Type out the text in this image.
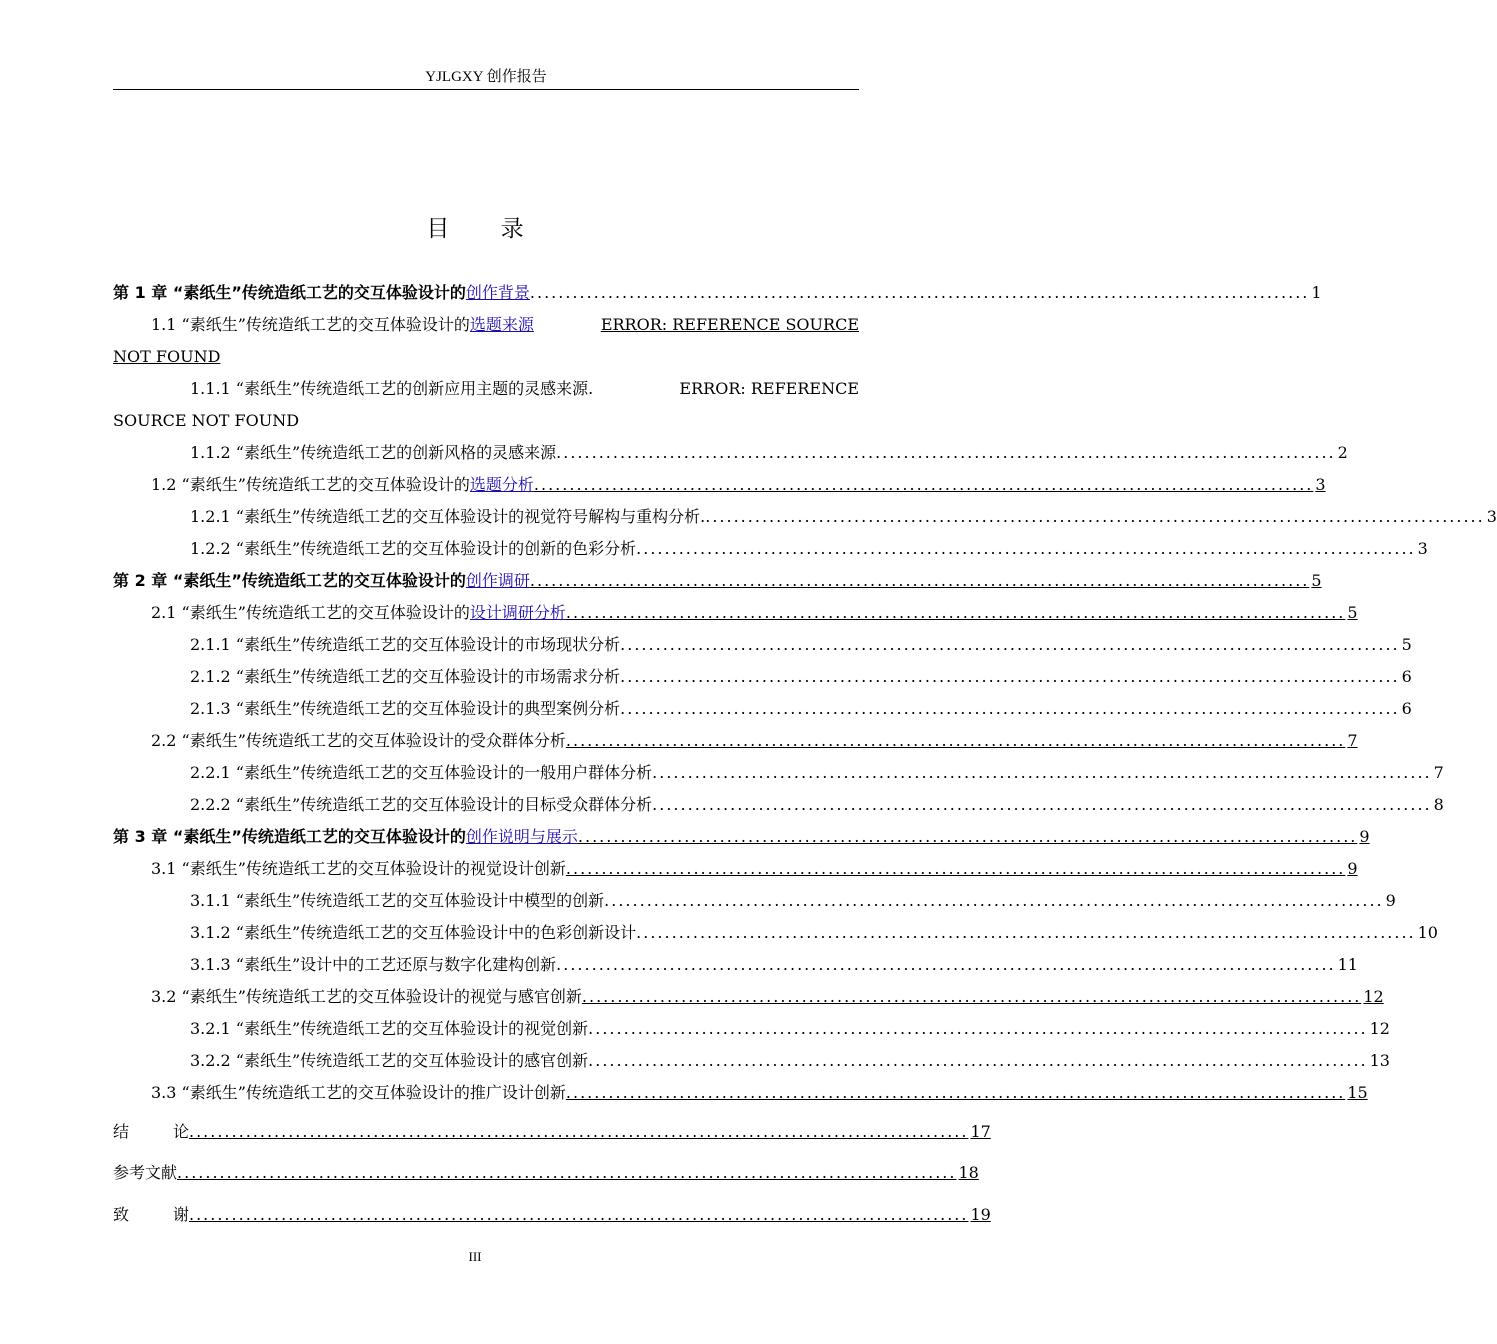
YJLGXY 创作报告
目 录
第 1 章 “素纸生”传统造纸工艺的交互体验设计的 创作背景 .............................................................................................................. 1
1.1 “素纸生”传统造纸工艺的交互体验设计的选题来源	ERROR: REFERENCE SOURCE
NOT FOUND
1.1.1 “素纸生”传统造纸工艺的创新应用主题的灵感来源.	ERROR: REFERENCE
SOURCE NOT FOUND
1.1.2 “素纸生”传统造纸工艺的创新风格的灵感来源 .............................................................................................................. 2
1.2 “素纸生”传统造纸工艺的交互体验设计的 选题分析 .............................................................................................................. 3
1.2.1 “素纸生”传统造纸工艺的交互体验设计的视觉符号解构与重构分析. .............................................................................................................. 3
1.2.2 “素纸生”传统造纸工艺的交互体验设计的创新的色彩分析 .............................................................................................................. 3
第 2 章 “素纸生”传统造纸工艺的交互体验设计的 创作调研 .............................................................................................................. 5
2.1 “素纸生”传统造纸工艺的交互体验设计的 设计调研分析 .............................................................................................................. 5
2.1.1 “素纸生”传统造纸工艺的交互体验设计的市场现状分析 .............................................................................................................. 5
2.1.2 “素纸生”传统造纸工艺的交互体验设计的市场需求分析 .............................................................................................................. 6
2.1.3 “素纸生”传统造纸工艺的交互体验设计的典型案例分析 .............................................................................................................. 6
2.2 “素纸生”传统造纸工艺的交互体验设计的受众群体分析 .............................................................................................................. 7
2.2.1 “素纸生”传统造纸工艺的交互体验设计的一般用户群体分析 .............................................................................................................. 7
2.2.2 “素纸生”传统造纸工艺的交互体验设计的目标受众群体分析 .............................................................................................................. 8
第 3 章 “素纸生”传统造纸工艺的交互体验设计的 创作说明与展示 .............................................................................................................. 9
3.1 “素纸生”传统造纸工艺的交互体验设计的视觉设计创新 .............................................................................................................. 9
3.1.1 “素纸生”传统造纸工艺的交互体验设计中模型的创新 .............................................................................................................. 9
3.1.2 “素纸生”传统造纸工艺的交互体验设计中的色彩创新设计 .............................................................................................................. 10
3.1.3 “素纸生”设计中的工艺还原与数字化建构创新 .............................................................................................................. 11
3.2 “素纸生”传统造纸工艺的交互体验设计的视觉与感官创新 .............................................................................................................. 12
3.2.1 “素纸生”传统造纸工艺的交互体验设计的视觉创新 .............................................................................................................. 12
3.2.2 “素纸生”传统造纸工艺的交互体验设计的感官创新 .............................................................................................................. 13
3.3 “素纸生”传统造纸工艺的交互体验设计的推广设计创新 .............................................................................................................. 15
结 论 .............................................................................................................. 17
参考文献 .............................................................................................................. 18
致 谢 .............................................................................................................. 19
III
